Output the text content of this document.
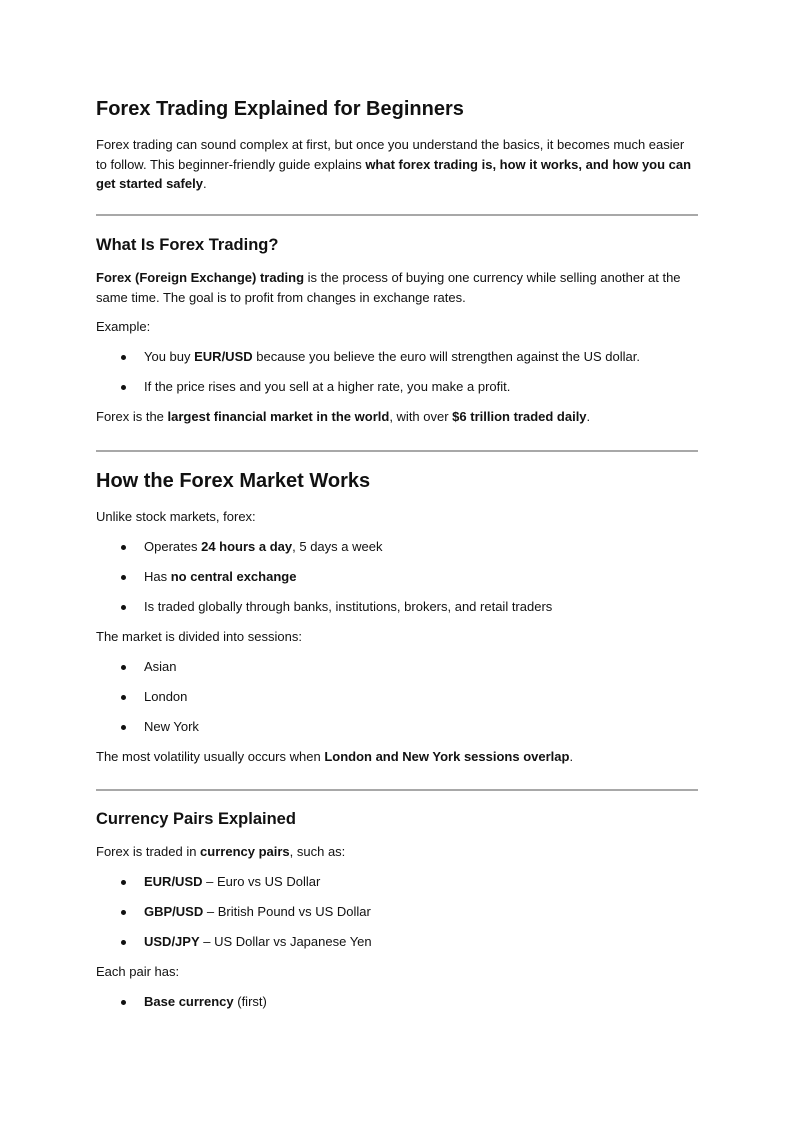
Forex Trading Explained for Beginners

Forex trading can sound complex at first, but once you understand the basics, it becomes much easier to follow. This beginner-friendly guide explains what forex trading is, how it works, and how you can get started safely.

What Is Forex Trading?

Forex (Foreign Exchange) trading is the process of buying one currency while selling another at the same time. The goal is to profit from changes in exchange rates.

Example:

You buy EUR/USD because you believe the euro will strengthen against the US dollar.
If the price rises and you sell at a higher rate, you make a profit.

Forex is the largest financial market in the world, with over $6 trillion traded daily.

How the Forex Market Works

Unlike stock markets, forex:

Operates 24 hours a day, 5 days a week
Has no central exchange
Is traded globally through banks, institutions, brokers, and retail traders

The market is divided into sessions:

Asian
London
New York

The most volatility usually occurs when London and New York sessions overlap.

Currency Pairs Explained

Forex is traded in currency pairs, such as:

EUR/USD – Euro vs US Dollar
GBP/USD – British Pound vs US Dollar
USD/JPY – US Dollar vs Japanese Yen

Each pair has:

Base currency (first)
